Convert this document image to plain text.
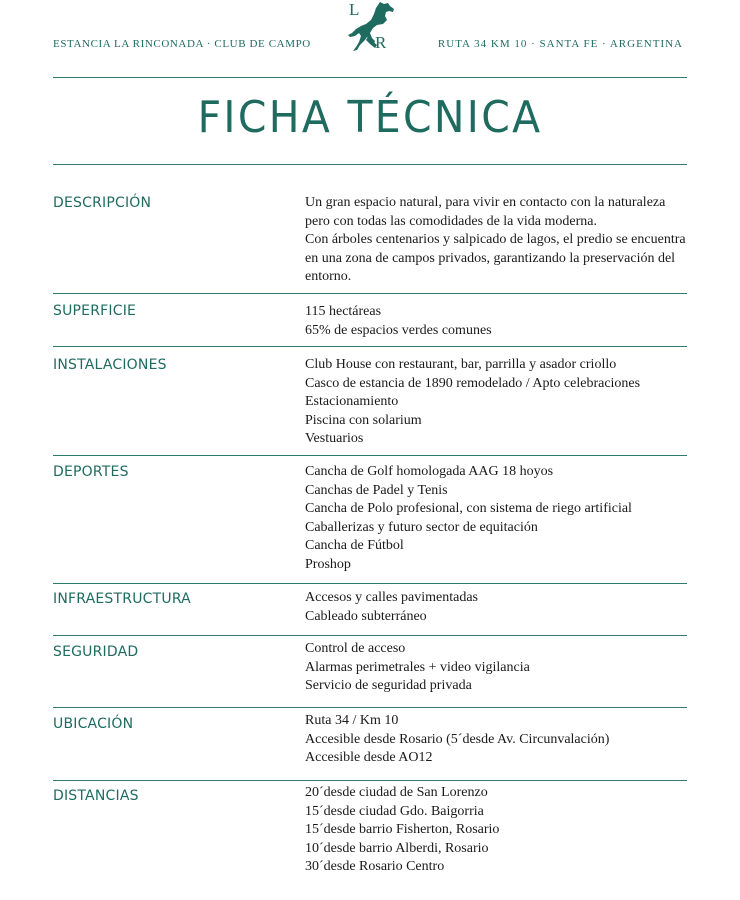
ESTANCIA LA RINCONADA · CLUB DE CAMPO
L
R	RUTA 34 KM 10 · SANTA FE · ARGENTINA
FICHA TÉCNICA
DESCRIPCIÓN	Un gran espacio natural, para vivir en contacto con la naturaleza
pero con todas las comodidades de la vida moderna.
Con árboles centenarios y salpicado de lagos, el predio se encuentra
en una zona de campos privados, garantizando la preservación del
entorno.
SUPERFICIE	115 hectáreas
65% de espacios verdes comunes
INSTALACIONES	Club House con restaurant, bar, parrilla y asador criollo
Casco de estancia de 1890 remodelado / Apto celebraciones
Estacionamiento
Piscina con solarium
Vestuarios
DEPORTES	Cancha de Golf homologada AAG 18 hoyos
Canchas de Padel y Tenis
Cancha de Polo profesional, con sistema de riego artificial
Caballerizas y futuro sector de equitación
Cancha de Fútbol
Proshop
INFRAESTRUCTURA	Accesos y calles pavimentadas
Cableado subterráneo
SEGURIDAD	Control de acceso
Alarmas perimetrales + video vigilancia
Servicio de seguridad privada
UBICACIÓN	Ruta 34 / Km 10
Accesible desde Rosario (5´desde Av. Circunvalación)
Accesible desde AO12
DISTANCIAS	20´desde ciudad de San Lorenzo
15´desde ciudad Gdo. Baigorria
15´desde barrio Fisherton, Rosario
10´desde barrio Alberdi, Rosario
30´desde Rosario Centro
